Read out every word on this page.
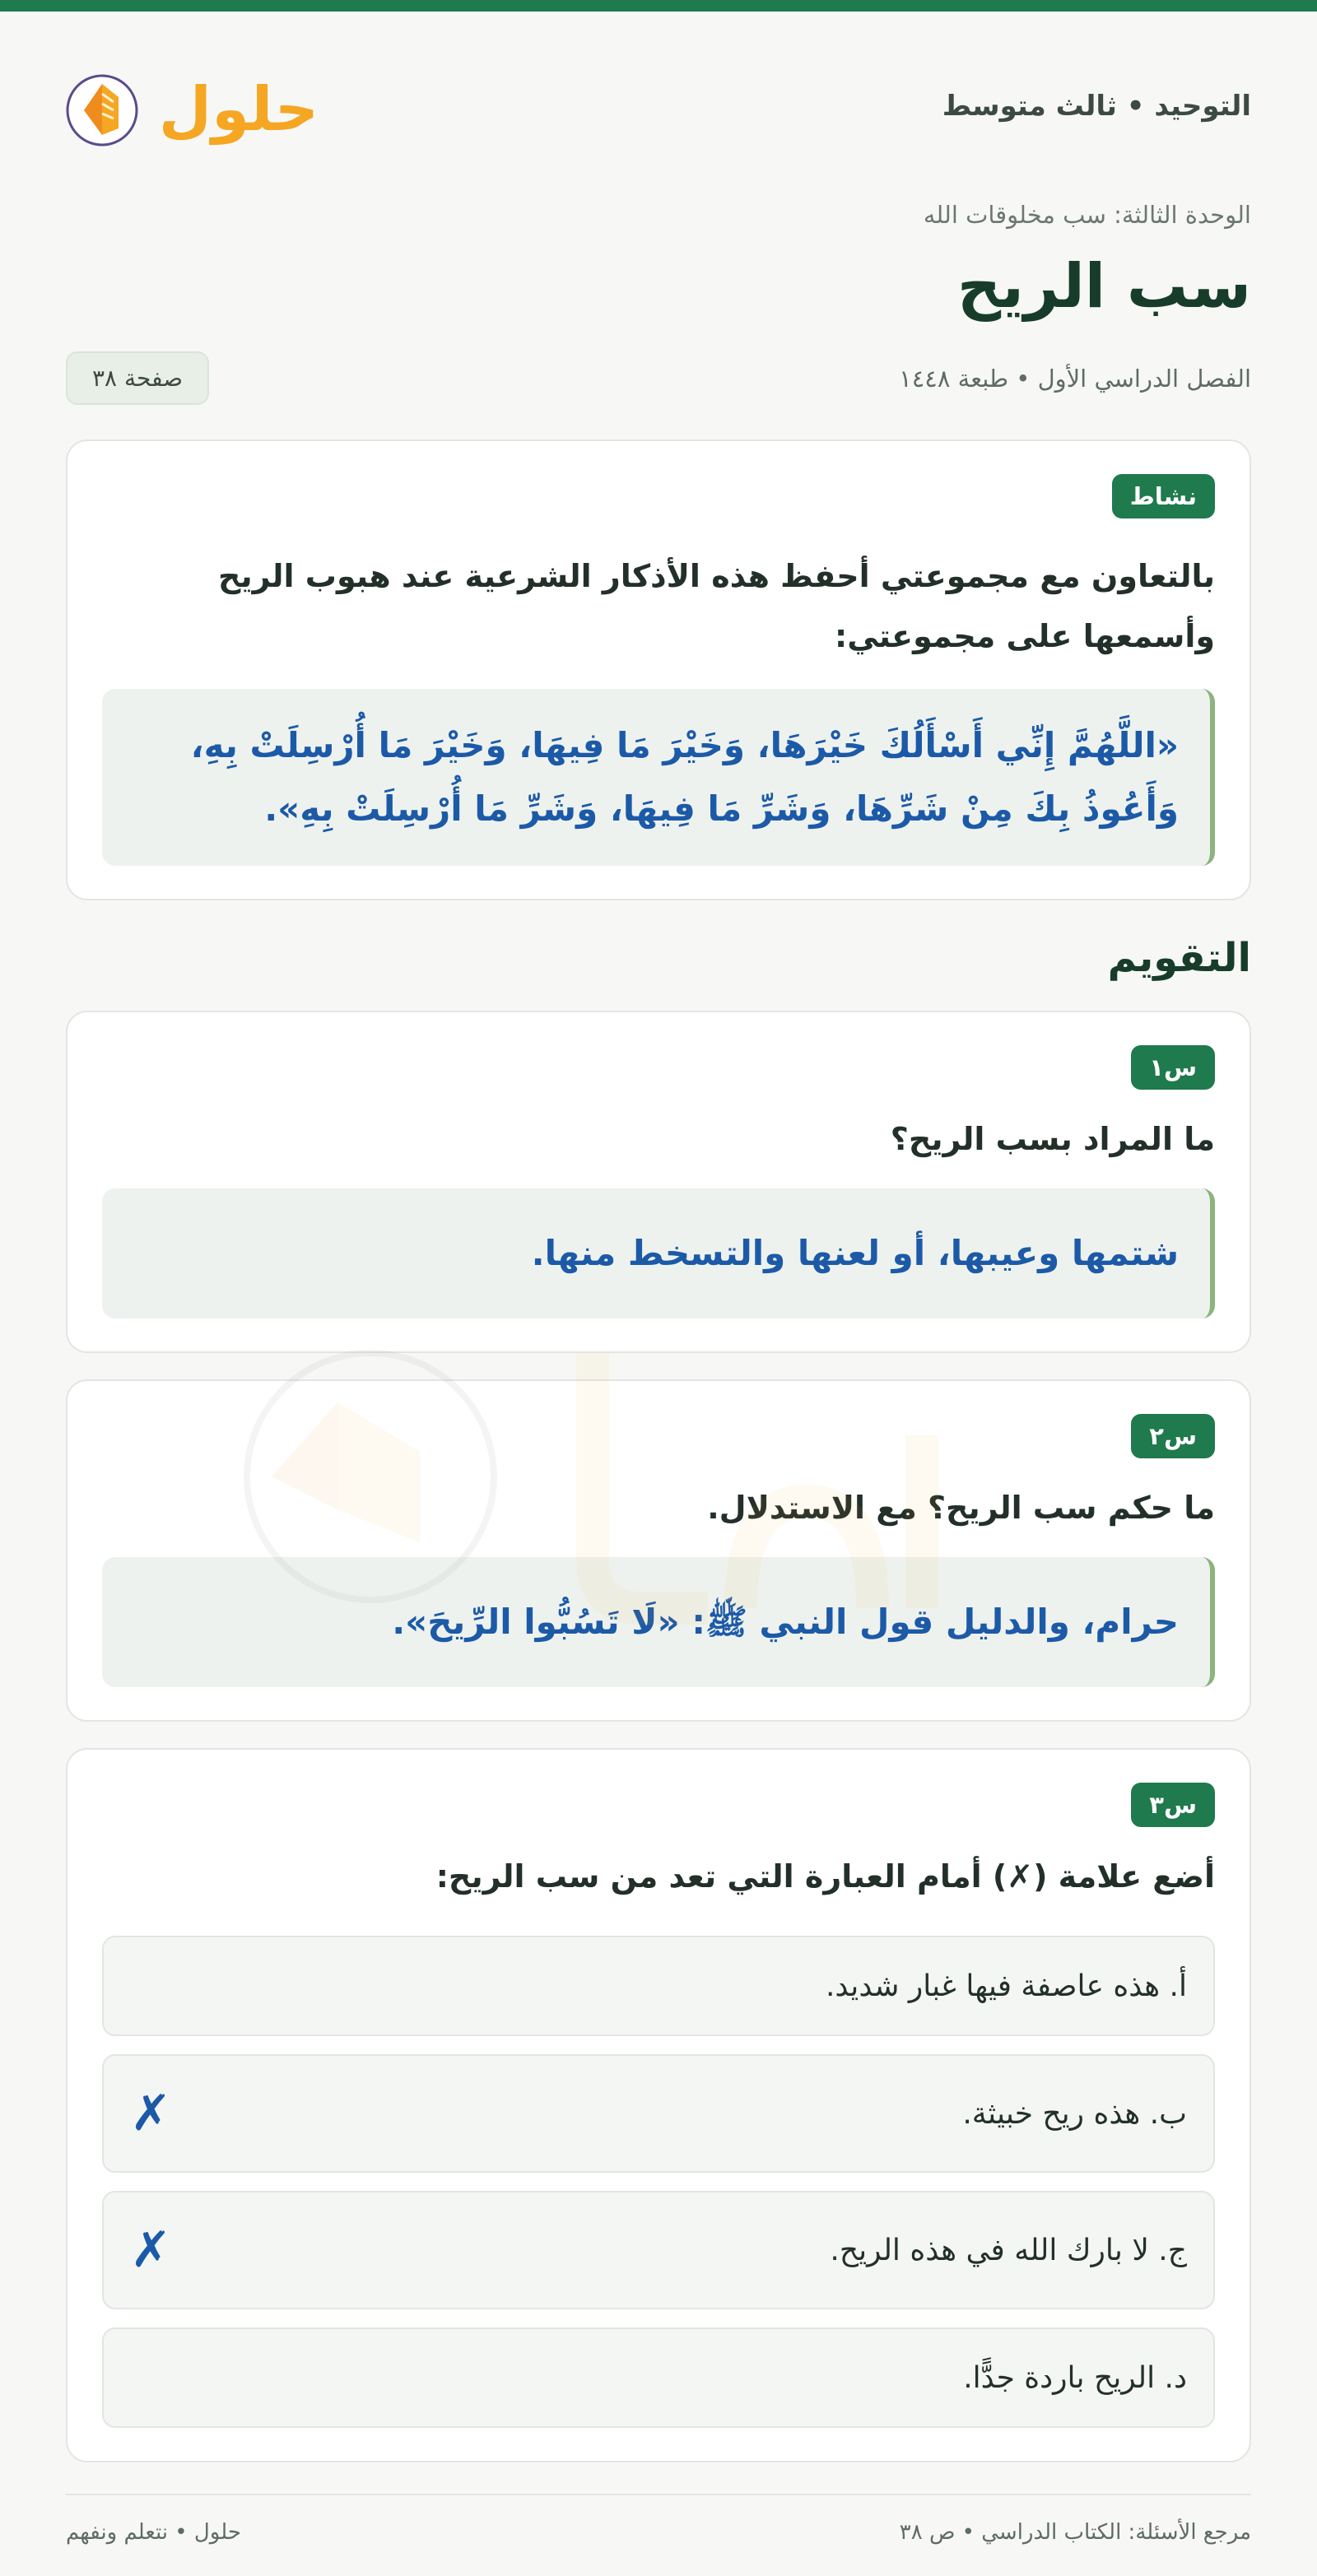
التوحيد • ثالث متوسط
حلول
الوحدة الثالثة: سب مخلوقات الله
سب الريح
الفصل الدراسي الأول • طبعة ١٤٤٨
صفحة ٣٨
نشاط
بالتعاون مع مجموعتي أحفظ هذه الأذكار الشرعية عند هبوب الريح وأسمعها على مجموعتي:
«اللَّهُمَّ إِنِّي أَسْأَلُكَ خَيْرَهَا، وَخَيْرَ مَا فِيهَا، وَخَيْرَ مَا أُرْسِلَتْ بِهِ، وَأَعُوذُ بِكَ مِنْ شَرِّهَا، وَشَرِّ مَا فِيهَا، وَشَرِّ مَا أُرْسِلَتْ بِهِ».
التقويم
س١
ما المراد بسب الريح؟
شتمها وعيبها، أو لعنها والتسخط منها.
س٢
ما حكم سب الريح؟ مع الاستدلال.
حرام، والدليل قول النبي ﷺ: «لَا تَسُبُّوا الرِّيحَ».
س٣
أضع علامة (✗) أمام العبارة التي تعد من سب الريح:
أ. هذه عاصفة فيها غبار شديد.
ب. هذه ريح خبيثة.
✗
ج. لا بارك الله في هذه الريح.
✗
د. الريح باردة جدًّا.
مرجع الأسئلة: الكتاب الدراسي • ص ٣٨
حلول • نتعلم ونفهم
